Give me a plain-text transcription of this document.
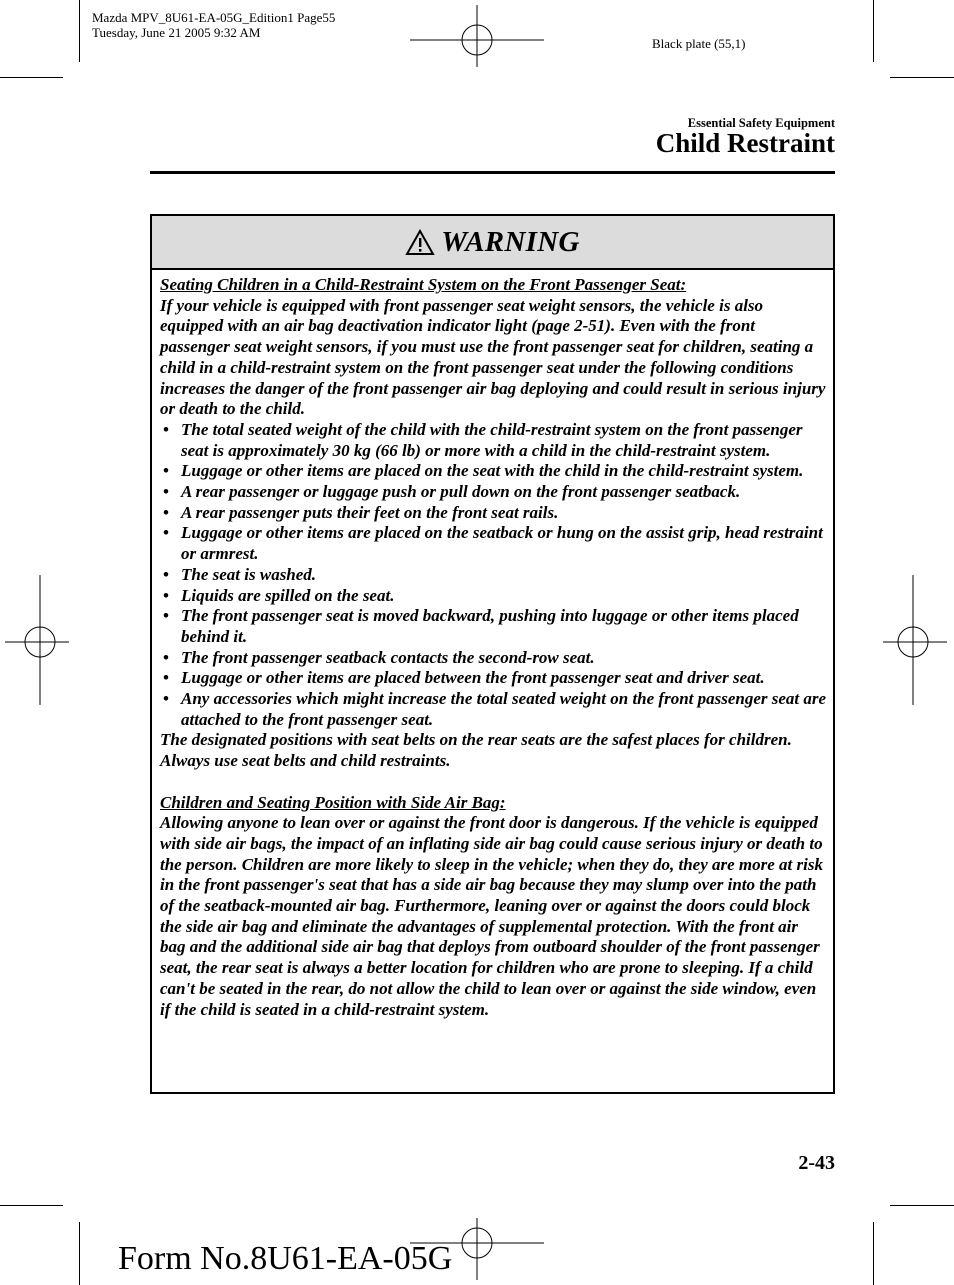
Mazda MPV_8U61-EA-05G_Edition1 Page55
Tuesday, June 21 2005 9:32 AM
Black plate (55,1)
Essential Safety Equipment
Child Restraint
WARNING

Seating Children in a Child-Restraint System on the Front Passenger Seat:

If your vehicle is equipped with front passenger seat weight sensors, the vehicle is also equipped with an air bag deactivation indicator light (page 2-51). Even with the front passenger seat weight sensors, if you must use the front passenger seat for children, seating a child in a child-restraint system on the front passenger seat under the following conditions increases the danger of the front passenger air bag deploying and could result in serious injury or death to the child.

• The total seated weight of the child with the child-restraint system on the front passenger seat is approximately 30 kg (66 lb) or more with a child in the child-restraint system.
• Luggage or other items are placed on the seat with the child in the child-restraint system.
• A rear passenger or luggage push or pull down on the front passenger seatback.
• A rear passenger puts their feet on the front seat rails.
• Luggage or other items are placed on the seatback or hung on the assist grip, head restraint or armrest.
• The seat is washed.
• Liquids are spilled on the seat.
• The front passenger seat is moved backward, pushing into luggage or other items placed behind it.
• The front passenger seatback contacts the second-row seat.
• Luggage or other items are placed between the front passenger seat and driver seat.
• Any accessories which might increase the total seated weight on the front passenger seat are attached to the front passenger seat.

The designated positions with seat belts on the rear seats are the safest places for children. Always use seat belts and child restraints.

Children and Seating Position with Side Air Bag:

Allowing anyone to lean over or against the front door is dangerous. If the vehicle is equipped with side air bags, the impact of an inflating side air bag could cause serious injury or death to the person. Children are more likely to sleep in the vehicle; when they do, they are more at risk in the front passenger's seat that has a side air bag because they may slump over into the path of the seatback-mounted air bag. Furthermore, leaning over or against the doors could block the side air bag and eliminate the advantages of supplemental protection. With the front air bag and the additional side air bag that deploys from outboard shoulder of the front passenger seat, the rear seat is always a better location for children who are prone to sleeping. If a child can't be seated in the rear, do not allow the child to lean over or against the side window, even if the child is seated in a child-restraint system.

2-43
Form No.8U61-EA-05G
